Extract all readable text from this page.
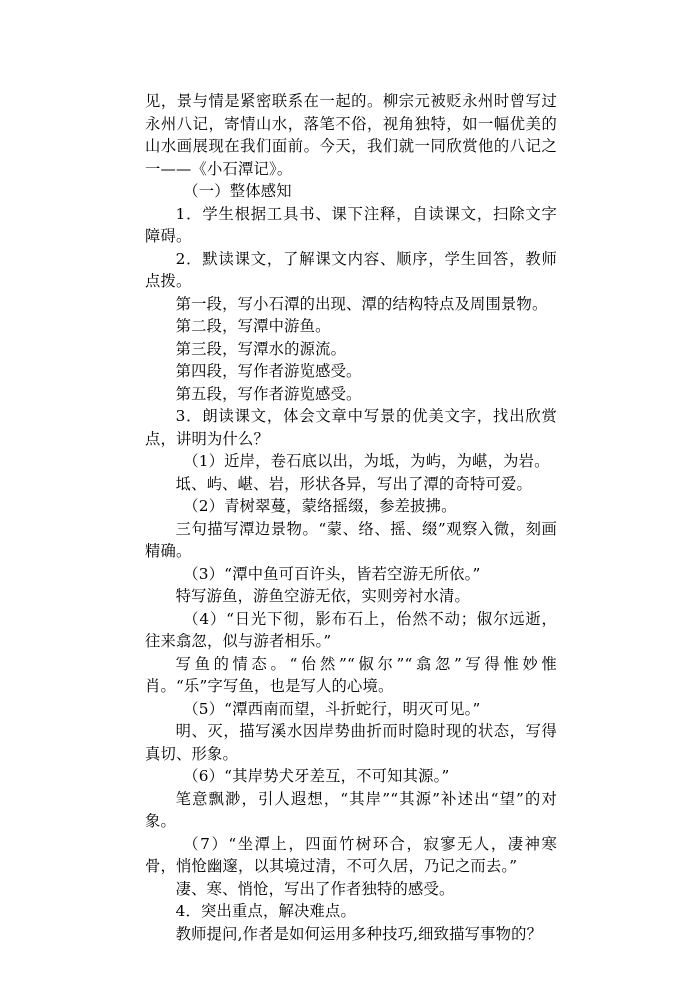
见，景与情是紧密联系在一起的。柳宗元被贬永州时曾写过永州八记，寄情山水，落笔不俗，视角独特，如一幅优美的山水画展现在我们面前。今天，我们就一同欣赏他的八记之一——《小石潭记》。

（一）整体感知

1．学生根据工具书、课下注释，自读课文，扫除文字障碍。

2．默读课文，了解课文内容、顺序，学生回答，教师点拨。

第一段，写小石潭的出现、潭的结构特点及周围景物。

第二段，写潭中游鱼。

第三段，写潭水的源流。

第四段，写作者游览感受。

第五段，写作者游览感受。

3．朗读课文，体会文章中写景的优美文字，找出欣赏点，讲明为什么？

（1）近岸，卷石底以出，为坻，为屿，为嵁，为岩。

坻、屿、嵁、岩，形状各异，写出了潭的奇特可爱。

（2）青树翠蔓，蒙络摇缀，参差披拂。

三句描写潭边景物。“蒙、络、摇、缀”观察入微，刻画精确。

（3）“潭中鱼可百许头，皆若空游无所依。”

特写游鱼，游鱼空游无依，实则旁衬水清。

（4）“日光下彻，影布石上，佁然不动；俶尔远逝，往来翕忽，似与游者相乐。”

写鱼的情态。“佁然”“俶尔”“翕忽”写得惟妙惟肖。“乐”字写鱼，也是写人的心境。

（5）“潭西南而望，斗折蛇行，明灭可见。”

明、灭，描写溪水因岸势曲折而时隐时现的状态，写得真切、形象。

（6）“其岸势犬牙差互，不可知其源。”

笔意飘渺，引人遐想，“其岸”“其源”补述出“望”的对象。

（7）“坐潭上，四面竹树环合，寂寥无人，凄神寒骨，悄怆幽邃，以其境过清，不可久居，乃记之而去。”

凄、寒、悄怆，写出了作者独特的感受。

4．突出重点，解决难点。

教师提问,作者是如何运用多种技巧,细致描写事物的？
